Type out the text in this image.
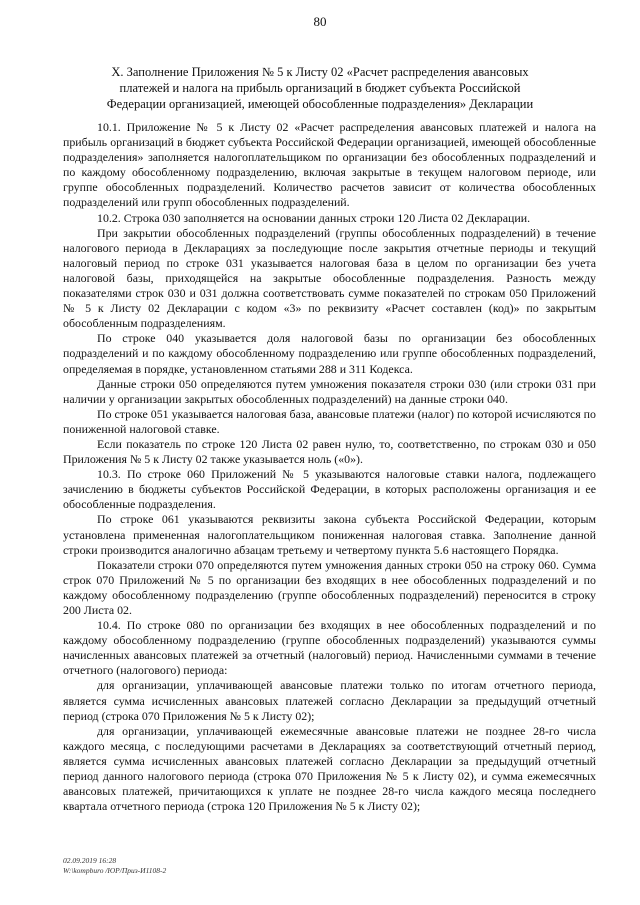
80
X. Заполнение Приложения № 5 к Листу 02 «Расчет распределения авансовых платежей и налога на прибыль организаций в бюджет субъекта Российской Федерации организацией, имеющей обособленные подразделения» Декларации

10.1. Приложение № 5 к Листу 02 «Расчет распределения авансовых платежей и налога на прибыль организаций в бюджет субъекта Российской Федерации организацией, имеющей обособленные подразделения» заполняется налогоплательщиком по организации без обособленных подразделений и по каждому обособленному подразделению, включая закрытые в текущем налоговом периоде, или группе обособленных подразделений. Количество расчетов зависит от количества обособленных подразделений или групп обособленных подразделений.

10.2. Строка 030 заполняется на основании данных строки 120 Листа 02 Декларации.

При закрытии обособленных подразделений (группы обособленных подразделений) в течение налогового периода в Декларациях за последующие после закрытия отчетные периоды и текущий налоговый период по строке 031 указывается налоговая база в целом по организации без учета налоговой базы, приходящейся на закрытые обособленные подразделения. Разность между показателями строк 030 и 031 должна соответствовать сумме показателей по строкам 050 Приложений № 5 к Листу 02 Декларации с кодом «3» по реквизиту «Расчет составлен (код)» по закрытым обособленным подразделениям.

По строке 040 указывается доля налоговой базы по организации без обособленных подразделений и по каждому обособленному подразделению или группе обособленных подразделений, определяемая в порядке, установленном статьями 288 и 311 Кодекса.

Данные строки 050 определяются путем умножения показателя строки 030 (или строки 031 при наличии у организации закрытых обособленных подразделений) на данные строки 040.

По строке 051 указывается налоговая база, авансовые платежи (налог) по которой исчисляются по пониженной налоговой ставке.

Если показатель по строке 120 Листа 02 равен нулю, то, соответственно, по строкам 030 и 050 Приложения № 5 к Листу 02 также указывается ноль («0»).

10.3. По строке 060 Приложений № 5 указываются налоговые ставки налога, подлежащего зачислению в бюджеты субъектов Российской Федерации, в которых расположены организация и ее обособленные подразделения.

По строке 061 указываются реквизиты закона субъекта Российской Федерации, которым установлена примененная налогоплательщиком пониженная налоговая ставка. Заполнение данной строки производится аналогично абзацам третьему и четвертому пункта 5.6 настоящего Порядка.

Показатели строки 070 определяются путем умножения данных строки 050 на строку 060. Сумма строк 070 Приложений № 5 по организации без входящих в нее обособленных подразделений и по каждому обособленному подразделению (группе обособленных подразделений) переносится в строку 200 Листа 02.

10.4. По строке 080 по организации без входящих в нее обособленных подразделений и по каждому обособленному подразделению (группе обособленных подразделений) указываются суммы начисленных авансовых платежей за отчетный (налоговый) период. Начисленными суммами в течение отчетного (налогового) периода:

для организации, уплачивающей авансовые платежи только по итогам отчетного периода, является сумма исчисленных авансовых платежей согласно Декларации за предыдущий отчетный период (строка 070 Приложения № 5 к Листу 02);

для организации, уплачивающей ежемесячные авансовые платежи не позднее 28-го числа каждого месяца, с последующими расчетами в Декларациях за соответствующий отчетный период, является сумма исчисленных авансовых платежей согласно Декларации за предыдущий отчетный период данного налогового периода (строка 070 Приложения № 5 к Листу 02), и сумма ежемесячных авансовых платежей, причитающихся к уплате не позднее 28-го числа каждого месяца последнего квартала отчетного периода (строка 120 Приложения № 5 к Листу 02);

02.09.2019 16:28
W:\kompburo /ЮР/Приз-И1108-2
